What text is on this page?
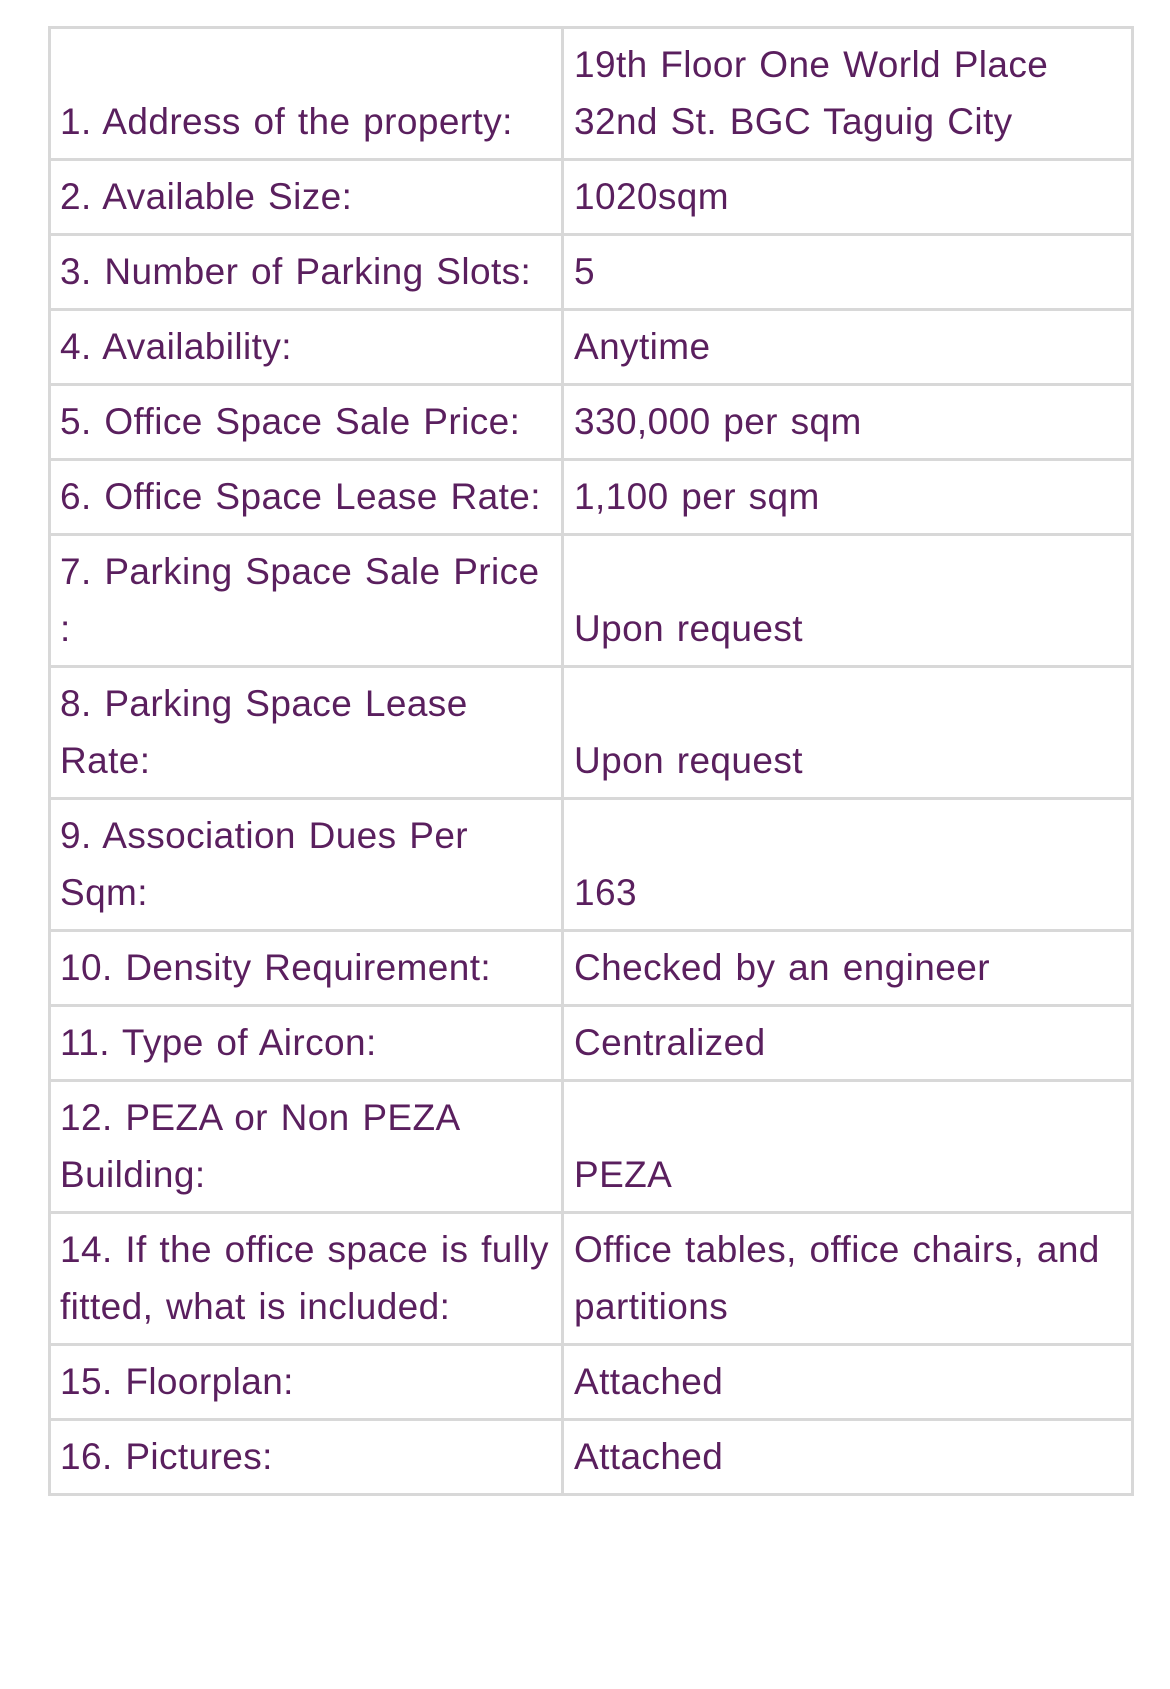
1. Address of the property:	19th Floor One World Place 32nd St. BGC Taguig City
2. Available Size:	1020sqm
3. Number of Parking Slots:	5
4. Availability:	Anytime
5. Office Space Sale Price:	330,000 per sqm
6. Office Space Lease Rate:	1,100 per sqm
7. Parking Space Sale Price :	Upon request
8. Parking Space Lease Rate:	Upon request
9. Association Dues Per Sqm:	163
10. Density Requirement:	Checked by an engineer
11. Type of Aircon:	Centralized
12. PEZA or Non PEZA Building:	PEZA
14. If the office space is fully fitted, what is included:	Office tables, office chairs, and partitions
15. Floorplan:	Attached
16. Pictures:	Attached
